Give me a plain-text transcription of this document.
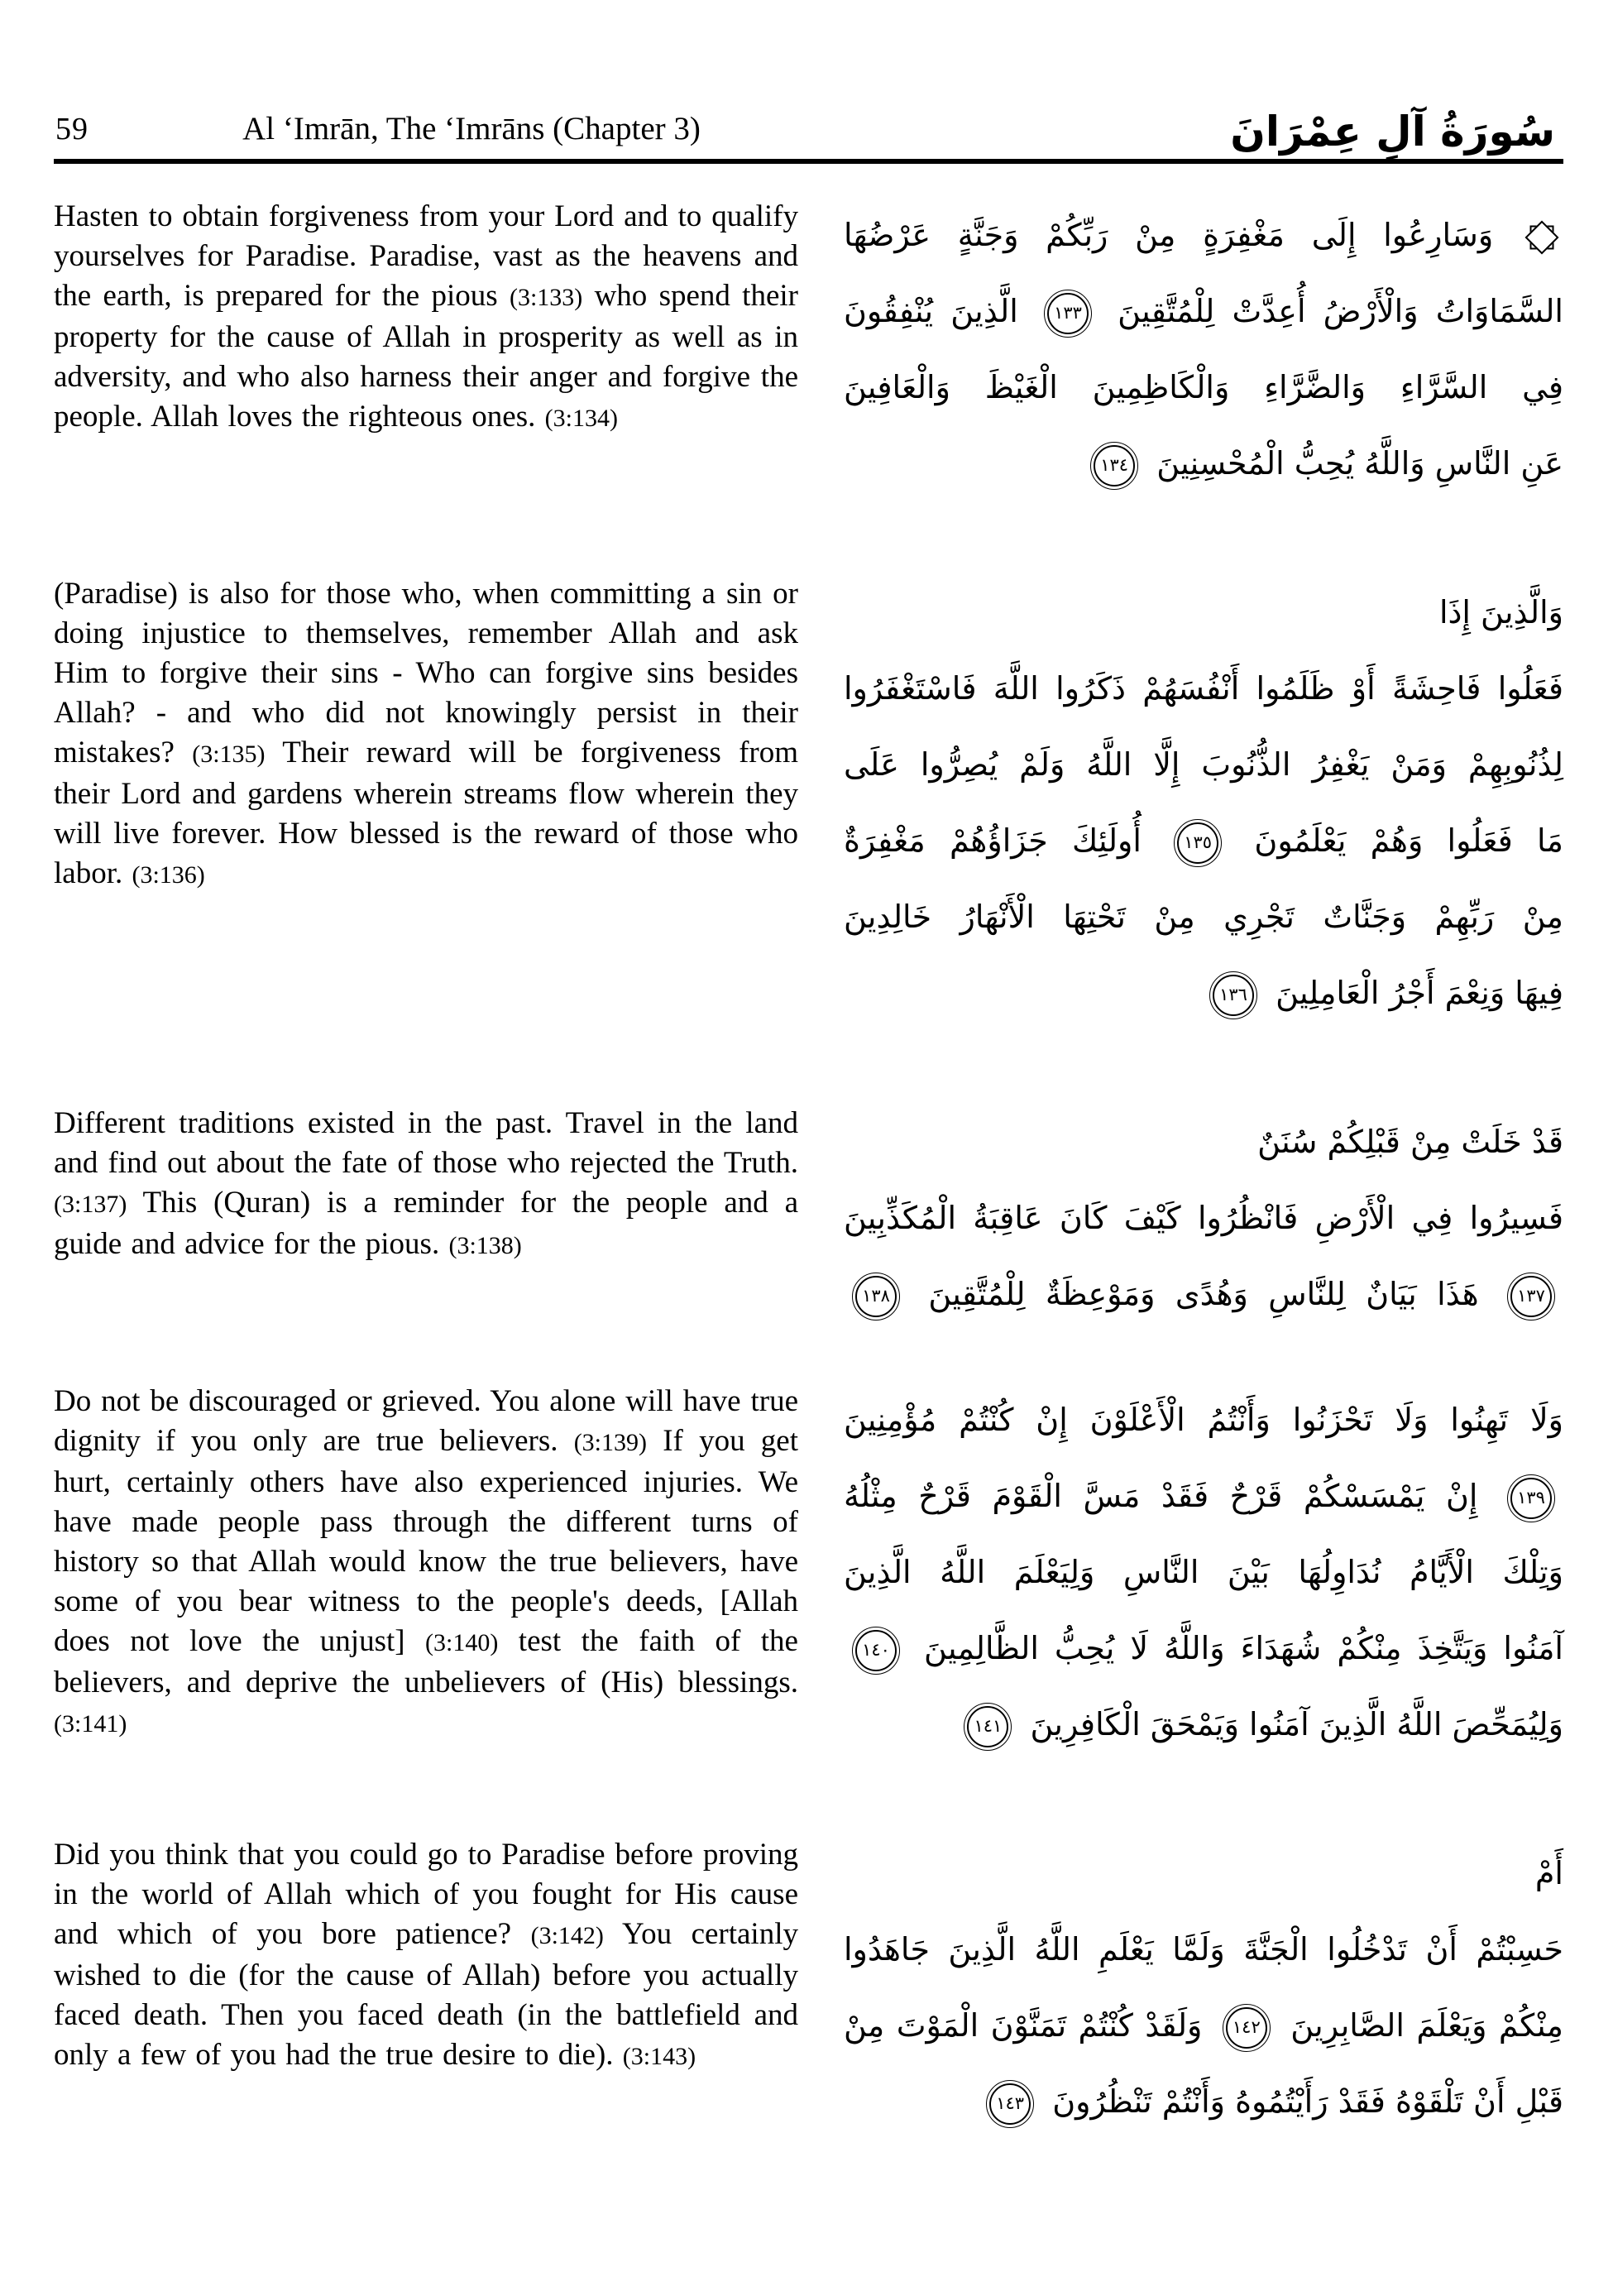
59	Al ‘Imrān, The ‘Imrāns (Chapter 3)	سُورَةُ آلِ عِمْرَانَ

Hasten to obtain forgiveness from your Lord and to qualify yourselves for Paradise. Paradise, vast as the heavens and the earth, is prepared for the pious (3:133) who spend their property for the cause of Allah in prosperity as well as in adversity, and who also harness their anger and forgive the people. Allah loves the righteous ones. (3:134)

وَسَارِعُوا إِلَى مَغْفِرَةٍ مِنْ رَبِّكُمْ وَجَنَّةٍ عَرْضُهَا
السَّمَاوَاتُ وَالْأَرْضُ أُعِدَّتْ لِلْمُتَّقِينَ ١٣٣ الَّذِينَ يُنْفِقُونَ
فِي السَّرَّاءِ وَالضَّرَّاءِ وَالْكَاظِمِينَ الْغَيْظَ وَالْعَافِينَ
عَنِ النَّاسِ وَاللَّهُ يُحِبُّ الْمُحْسِنِينَ ١٣٤

(Paradise) is also for those who, when committing a sin or doing injustice to themselves, remember Allah and ask Him to forgive their sins - Who can forgive sins besides Allah? - and who did not knowingly persist in their mistakes? (3:135) Their reward will be forgiveness from their Lord and gardens wherein streams flow wherein they will live forever. How blessed is the reward of those who labor. (3:136)

وَالَّذِينَ إِذَا
فَعَلُوا فَاحِشَةً أَوْ ظَلَمُوا أَنْفُسَهُمْ ذَكَرُوا اللَّهَ فَاسْتَغْفَرُوا
لِذُنُوبِهِمْ وَمَنْ يَغْفِرُ الذُّنُوبَ إِلَّا اللَّهُ وَلَمْ يُصِرُّوا عَلَى
مَا فَعَلُوا وَهُمْ يَعْلَمُونَ ١٣٥ أُولَئِكَ جَزَاؤُهُمْ مَغْفِرَةٌ
مِنْ رَبِّهِمْ وَجَنَّاتٌ تَجْرِي مِنْ تَحْتِهَا الْأَنْهَارُ خَالِدِينَ
فِيهَا وَنِعْمَ أَجْرُ الْعَامِلِينَ ١٣٦

Different traditions existed in the past. Travel in the land and find out about the fate of those who rejected the Truth. (3:137) This (Quran) is a reminder for the people and a guide and advice for the pious. (3:138)

قَدْ خَلَتْ مِنْ قَبْلِكُمْ سُنَنٌ
فَسِيرُوا فِي الْأَرْضِ فَانْظُرُوا كَيْفَ كَانَ عَاقِبَةُ الْمُكَذِّبِينَ
١٣٧ هَذَا بَيَانٌ لِلنَّاسِ وَهُدًى وَمَوْعِظَةٌ لِلْمُتَّقِينَ ١٣٨

Do not be discouraged or grieved. You alone will have true dignity if you only are true believers. (3:139) If you get hurt, certainly others have also experienced injuries. We have made people pass through the different turns of history so that Allah would know the true believers, have some of you bear witness to the people's deeds, [Allah does not love the unjust] (3:140) test the faith of the believers, and deprive the unbelievers of (His) blessings. (3:141)

وَلَا تَهِنُوا وَلَا تَحْزَنُوا وَأَنْتُمُ الْأَعْلَوْنَ إِنْ كُنْتُمْ مُؤْمِنِينَ
١٣٩ إِنْ يَمْسَسْكُمْ قَرْحٌ فَقَدْ مَسَّ الْقَوْمَ قَرْحٌ مِثْلُهُ
وَتِلْكَ الْأَيَّامُ نُدَاوِلُهَا بَيْنَ النَّاسِ وَلِيَعْلَمَ اللَّهُ الَّذِينَ
آمَنُوا وَيَتَّخِذَ مِنْكُمْ شُهَدَاءَ وَاللَّهُ لَا يُحِبُّ الظَّالِمِينَ ١٤٠
وَلِيُمَحِّصَ اللَّهُ الَّذِينَ آمَنُوا وَيَمْحَقَ الْكَافِرِينَ ١٤١

Did you think that you could go to Paradise before proving in the world of Allah which of you fought for His cause and which of you bore patience? (3:142) You certainly wished to die (for the cause of Allah) before you actually faced death. Then you faced death (in the battlefield and only a few of you had the true desire to die). (3:143)

أَمْ
حَسِبْتُمْ أَنْ تَدْخُلُوا الْجَنَّةَ وَلَمَّا يَعْلَمِ اللَّهُ الَّذِينَ جَاهَدُوا
مِنْكُمْ وَيَعْلَمَ الصَّابِرِينَ ١٤٢ وَلَقَدْ كُنْتُمْ تَمَنَّوْنَ الْمَوْتَ مِنْ
قَبْلِ أَنْ تَلْقَوْهُ فَقَدْ رَأَيْتُمُوهُ وَأَنْتُمْ تَنْظُرُونَ ١٤٣
